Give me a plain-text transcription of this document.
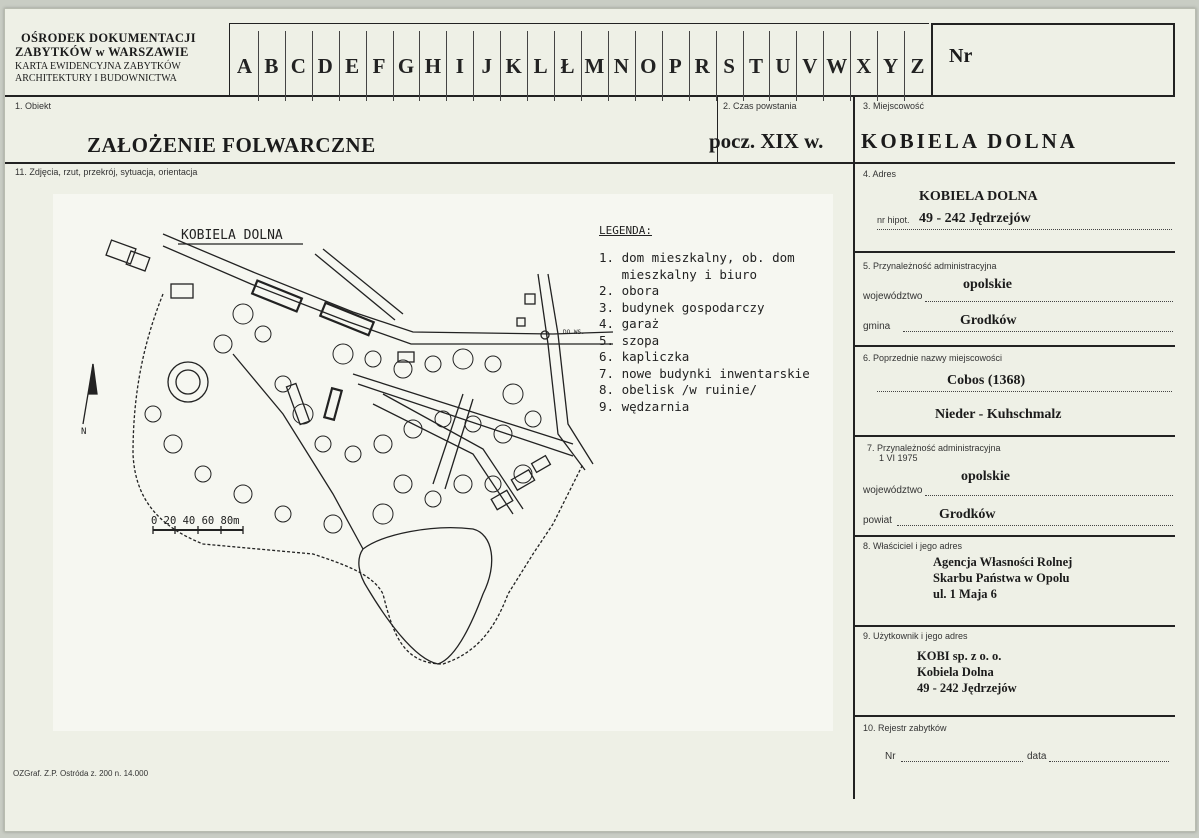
OŚRODEK DOKUMENTACJI
ZABYTKÓW w WARSZAWIE
KARTA EWIDENCYJNA ZABYTKÓW
ARCHITEKTURY I BUDOWNICTWA
A B C D E F G H I J K L Ł M N O P R S T U V W X Y Z	Nr
1. Obiekt
ZAŁOŻENIE FOLWARCZNE
2. Czas powstania
pocz. XIX w.
3. Miejscowość
KOBIELA DOLNA
11. Zdjęcia, rzut, przekrój, sytuacja, orientacja
KOBIELA DOLNA
0 20 40 60 80m
DO WS.
N
LEGENDA:
1. dom mieszkalny, ob. dom
mieszkalny i biuro
2. obora
3. budynek gospodarczy
4. garaż
5. szopa
6. kapliczka
7. nowe budynki inwentarskie
8. obelisk /w ruinie/
9. wędzarnia
4. Adres
KOBIELA DOLNA
nr hipot. 49 - 242 Jędrzejów
5. Przynależność administracyjna
województwo
opolskie
gmina	Grodków
6. Poprzednie nazwy miejscowości
Cobos (1368)
Nieder - Kuhschmalz
7. Przynależność administracyjna
1 VI 1975
województwo
opolskie
powiat	Grodków
8. Właściciel i jego adres
Agencja Własności Rolnej
Skarbu Państwa w Opolu
ul. 1 Maja 6
9. Użytkownik i jego adres
KOBI sp. z o. o.
Kobiela Dolna
49 - 242 Jędrzejów
10. Rejestr zabytków
Nr	data
OZGraf. Z.P. Ostróda z. 200 n. 14.000
